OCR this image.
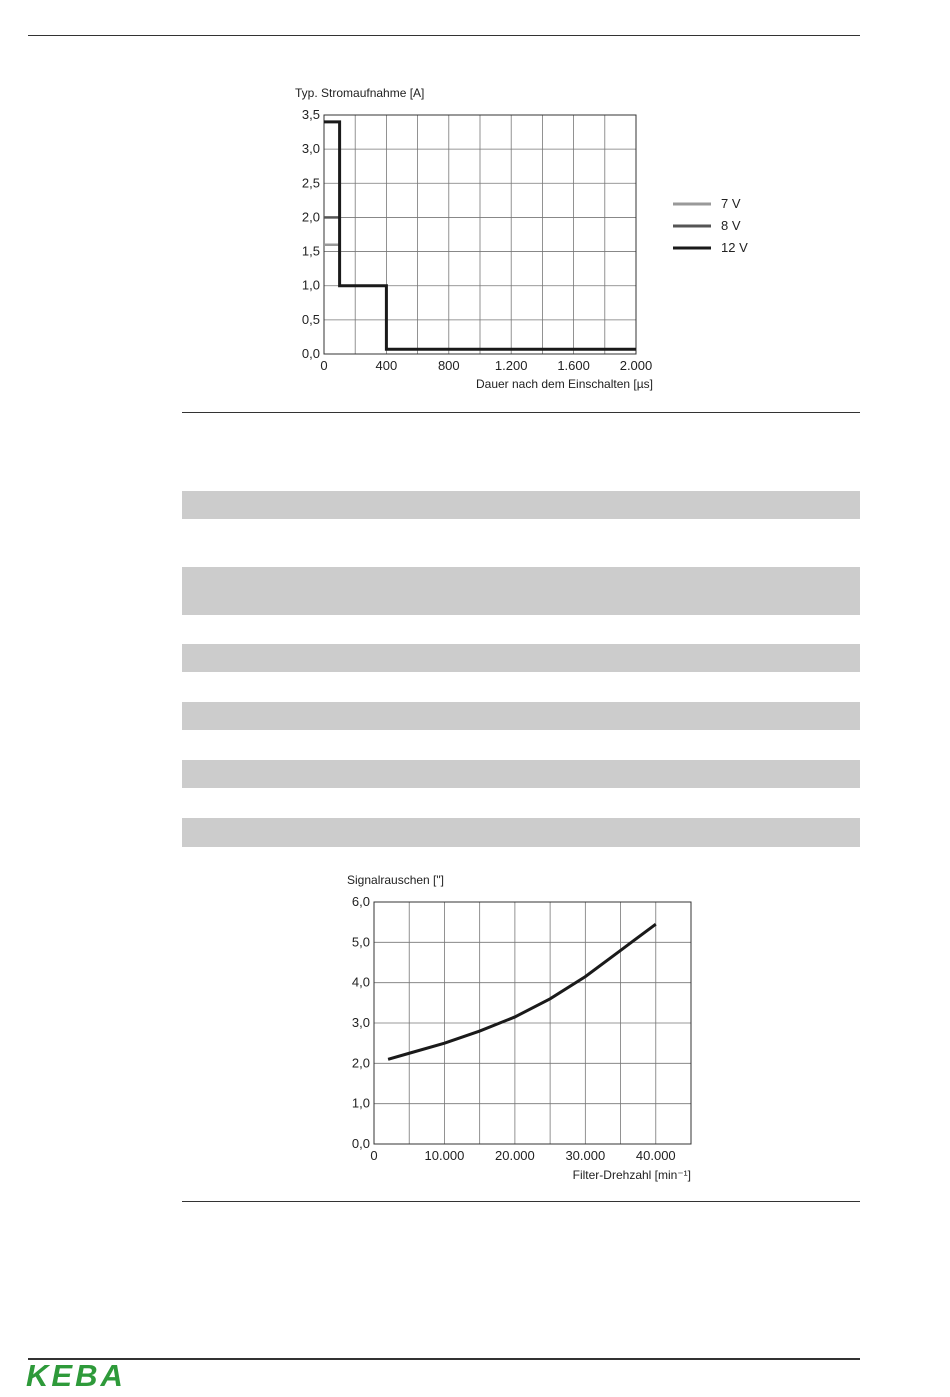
Typ. Stromaufnahme [A]
0	400	800	1.200 1.600 2.000
0,0
0,5
1,0
1,5
2,0
2,5
3,0
3,5
7 V
8 V
12 V
Dauer nach dem Einschalten [µs]
Signalrauschen ["]
0	10.000 20.000 30.000 40.000
0,0
1,0
2,0
3,0
4,0
5,0
6,0
Filter-Drehzahl [min⁻¹]
KEBA
